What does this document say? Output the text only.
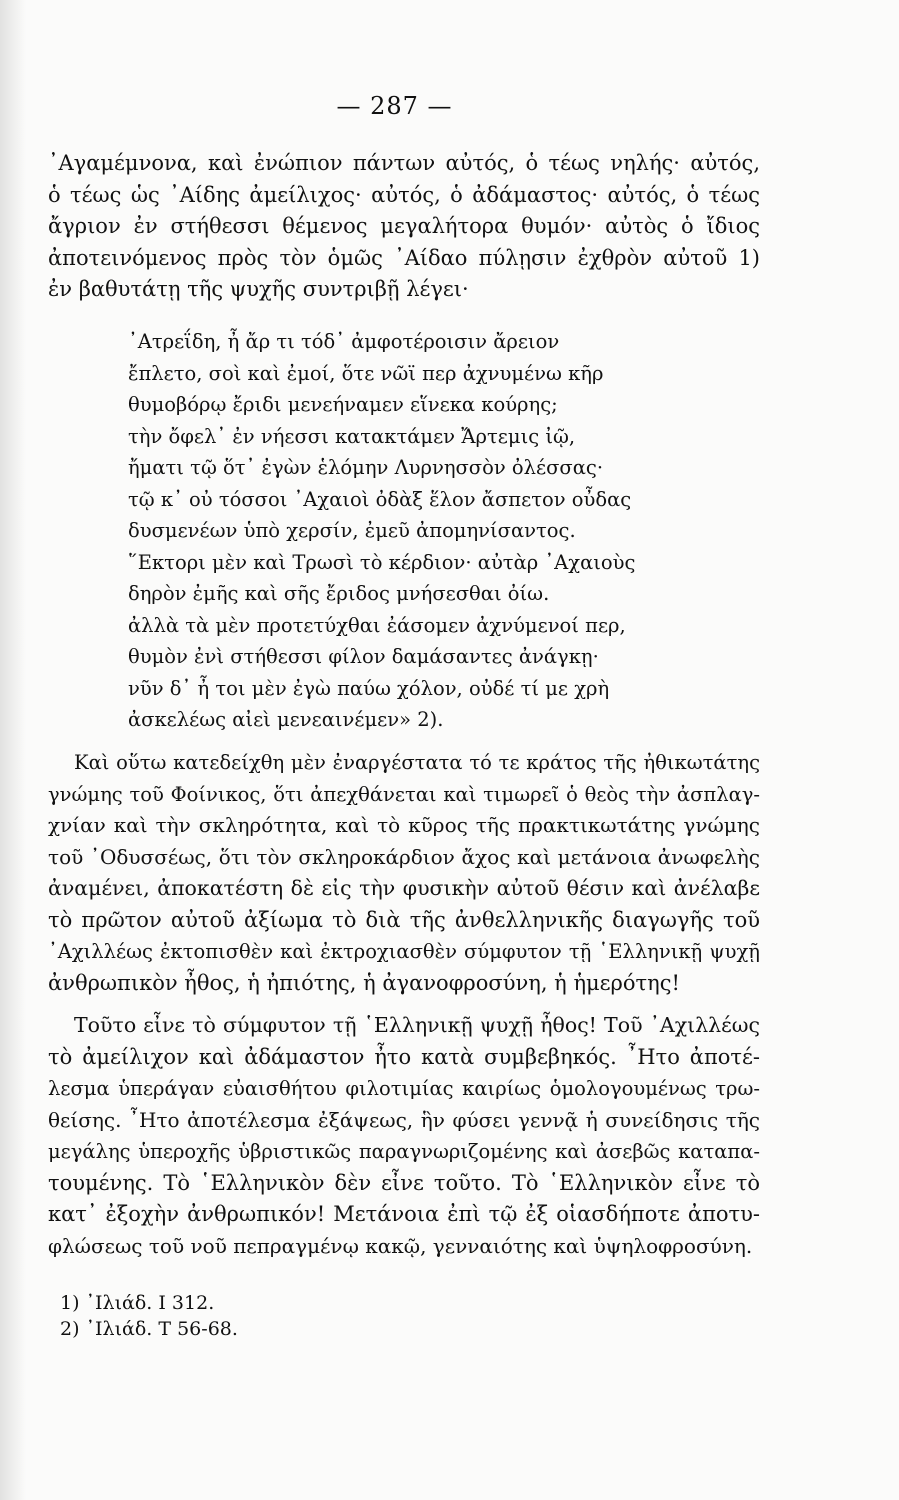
— 287 —
᾿Αγαμέμνονα, καὶ ἐνώπιον πάντων αὐτός, ὁ τέως νηλής· αὐτός,
ὁ τέως ὡς ᾿Αίδης ἀμείλιχος· αὐτός, ὁ ἀδάμαστος· αὐτός, ὁ τέως
ἄγριον ἐν στήθεσσι θέμενος μεγαλήτορα θυμόν· αὐτὸς ὁ ἴδιος
ἀποτεινόμενος πρὸς τὸν ὁμῶς ᾿Αίδαο πύλῃσιν ἐχθρὸν αὐτοῦ 1)
ἐν βαθυτάτῃ τῆς ψυχῆς συντριβῇ λέγει·
᾿Ατρεΐδη, ἦ ἄρ τι τόδ᾿ ἀμφοτέροισιν ἄρειον
ἔπλετο, σοὶ καὶ ἐμοί, ὅτε νῶϊ περ ἀχνυμένω κῆρ
θυμοβόρῳ ἔριδι μενεήναμεν εἵνεκα κούρης;
τὴν ὄφελ᾿ ἐν νήεσσι κατακτάμεν Ἄρτεμις ἰῷ,
ἤματι τῷ ὅτ᾿ ἐγὼν ἑλόμην Λυρνησσὸν ὀλέσσας·
τῷ κ᾿ οὐ τόσσοι ᾿Αχαιοὶ ὀδὰξ ἕλον ἄσπετον οὖδας
δυσμενέων ὑπὸ χερσίν, ἐμεῦ ἀπομηνίσαντος.
῞Εκτορι μὲν καὶ Τρωσὶ τὸ κέρδιον· αὐτὰρ ᾿Αχαιοὺς
δηρὸν ἐμῆς καὶ σῆς ἔριδος μνήσεσθαι ὀίω.
ἀλλὰ τὰ μὲν προτετύχθαι ἐάσομεν ἀχνύμενοί περ,
θυμὸν ἐνὶ στήθεσσι φίλον δαμάσαντες ἀνάγκῃ·
νῦν δ᾿ ἦ τοι μὲν ἐγὼ παύω χόλον, οὐδέ τί με χρὴ
ἀσκελέως αἰεὶ μενεαινέμεν» 2).
Καὶ οὕτω κατεδείχθη μὲν ἐναργέστατα τό τε κράτος τῆς ἠθικωτάτης
γνώμης τοῦ Φοίνικος, ὅτι ἀπεχθάνεται καὶ τιμωρεῖ ὁ θεὸς τὴν ἀσπλαγ-
χνίαν καὶ τὴν σκληρότητα, καὶ τὸ κῦρος τῆς πρακτικωτάτης γνώμης
τοῦ ᾿Οδυσσέως, ὅτι τὸν σκληροκάρδιον ἄχος καὶ μετάνοια ἀνωφελὴς
ἀναμένει, ἀποκατέστη δὲ εἰς τὴν φυσικὴν αὐτοῦ θέσιν καὶ ἀνέλαβε
τὸ πρῶτον αὐτοῦ ἀξίωμα τὸ διὰ τῆς ἀνθελληνικῆς διαγωγῆς τοῦ
᾿Αχιλλέως ἐκτοπισθὲν καὶ ἐκτροχιασθὲν σύμφυτον τῇ ῾Ελληνικῇ ψυχῇ
ἀνθρωπικὸν ἦθος, ἡ ἠπιότης, ἡ ἀγανοφροσύνη, ἡ ἡμερότης!
Τοῦτο εἶνε τὸ σύμφυτον τῇ ῾Ελληνικῇ ψυχῇ ἦθος! Τοῦ ᾿Αχιλλέως
τὸ ἀμείλιχον καὶ ἀδάμαστον ἦτο κατὰ συμβεβηκός. ῏Ητο ἀποτέ-
λεσμα ὑπεράγαν εὐαισθήτου φιλοτιμίας καιρίως ὁμολογουμένως τρω-
θείσης. ῏Ητο ἀποτέλεσμα ἐξάψεως, ἣν φύσει γεννᾷ ἡ συνείδησις τῆς
μεγάλης ὑπεροχῆς ὑβριστικῶς παραγνωριζομένης καὶ ἀσεβῶς καταπα-
τουμένης. Τὸ ῾Ελληνικὸν δὲν εἶνε τοῦτο. Τὸ ῾Ελληνικὸν εἶνε τὸ
κατ᾿ ἐξοχὴν ἀνθρωπικόν! Μετάνοια ἐπὶ τῷ ἐξ οἱασδήποτε ἀποτυ-
φλώσεως τοῦ νοῦ πεπραγμένῳ κακῷ, γενναιότης καὶ ὑψηλοφροσύνη.
1) ᾿Ιλιάδ. Ι 312.
2) ᾿Ιλιάδ. Τ 56-68.
